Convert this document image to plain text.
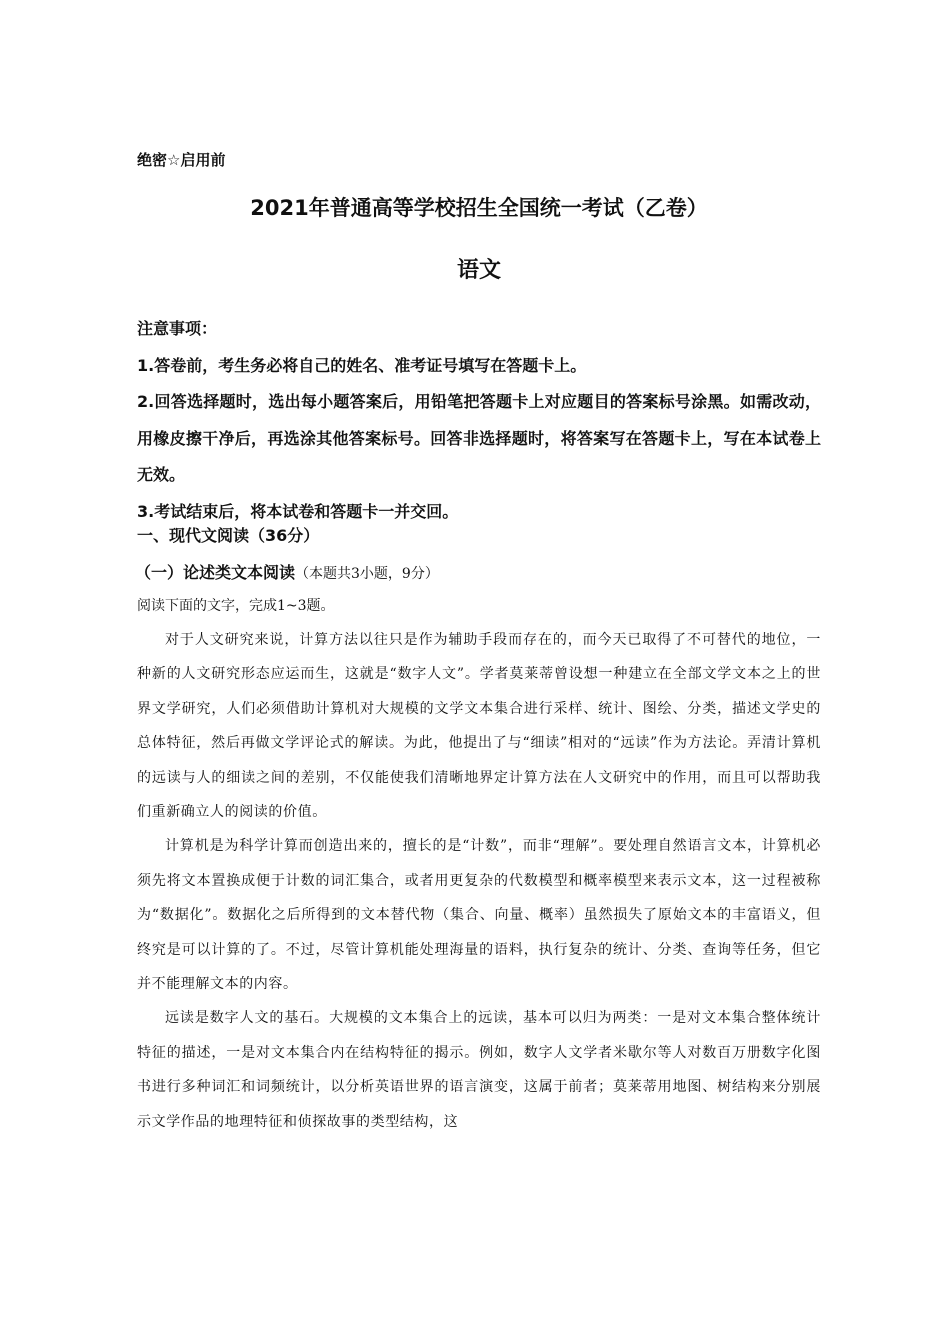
绝密☆启用前
2021年普通高等学校招生全国统一考试（乙卷）
语文
注意事项：
1.答卷前，考生务必将自己的姓名、准考证号填写在答题卡上。
2.回答选择题时，选出每小题答案后，用铅笔把答题卡上对应题目的答案标号涂黑。如需改动，用橡皮擦干净后，再选涂其他答案标号。回答非选择题时，将答案写在答题卡上，写在本试卷上无效。
3.考试结束后，将本试卷和答题卡一并交回。
一、现代文阅读（36分）
（一）论述类文本阅读（本题共3小题，9分）
阅读下面的文字，完成1~3题。

对于人文研究来说，计算方法以往只是作为辅助手段而存在的，而今天已取得了不可替代的地位，一种新的人文研究形态应运而生，这就是“数字人文”。学者莫莱蒂曾设想一种建立在全部文学文本之上的世界文学研究，人们必须借助计算机对大规模的文学文本集合进行采样、统计、图绘、分类，描述文学史的总体特征，然后再做文学评论式的解读。为此，他提出了与“细读”相对的“远读”作为方法论。弄清计算机的远读与人的细读之间的差别，不仅能使我们清晰地界定计算方法在人文研究中的作用，而且可以帮助我们重新确立人的阅读的价值。

计算机是为科学计算而创造出来的，擅长的是“计数”，而非“理解”。要处理自然语言文本，计算机必须先将文本置换成便于计数的词汇集合，或者用更复杂的代数模型和概率模型来表示文本，这一过程被称为“数据化”。数据化之后所得到的文本替代物（集合、向量、概率）虽然损失了原始文本的丰富语义，但终究是可以计算的了。不过，尽管计算机能处理海量的语料，执行复杂的统计、分类、查询等任务，但它并不能理解文本的内容。

远读是数字人文的基石。大规模的文本集合上的远读，基本可以归为两类：一是对文本集合整体统计特征的描述，一是对文本集合内在结构特征的揭示。例如，数字人文学者米歇尔等人对数百万册数字化图书进行多种词汇和词频统计，以分析英语世界的语言演变，这属于前者；莫莱蒂用地图、树结构来分别展示文学作品的地理特征和侦探故事的类型结构，这
